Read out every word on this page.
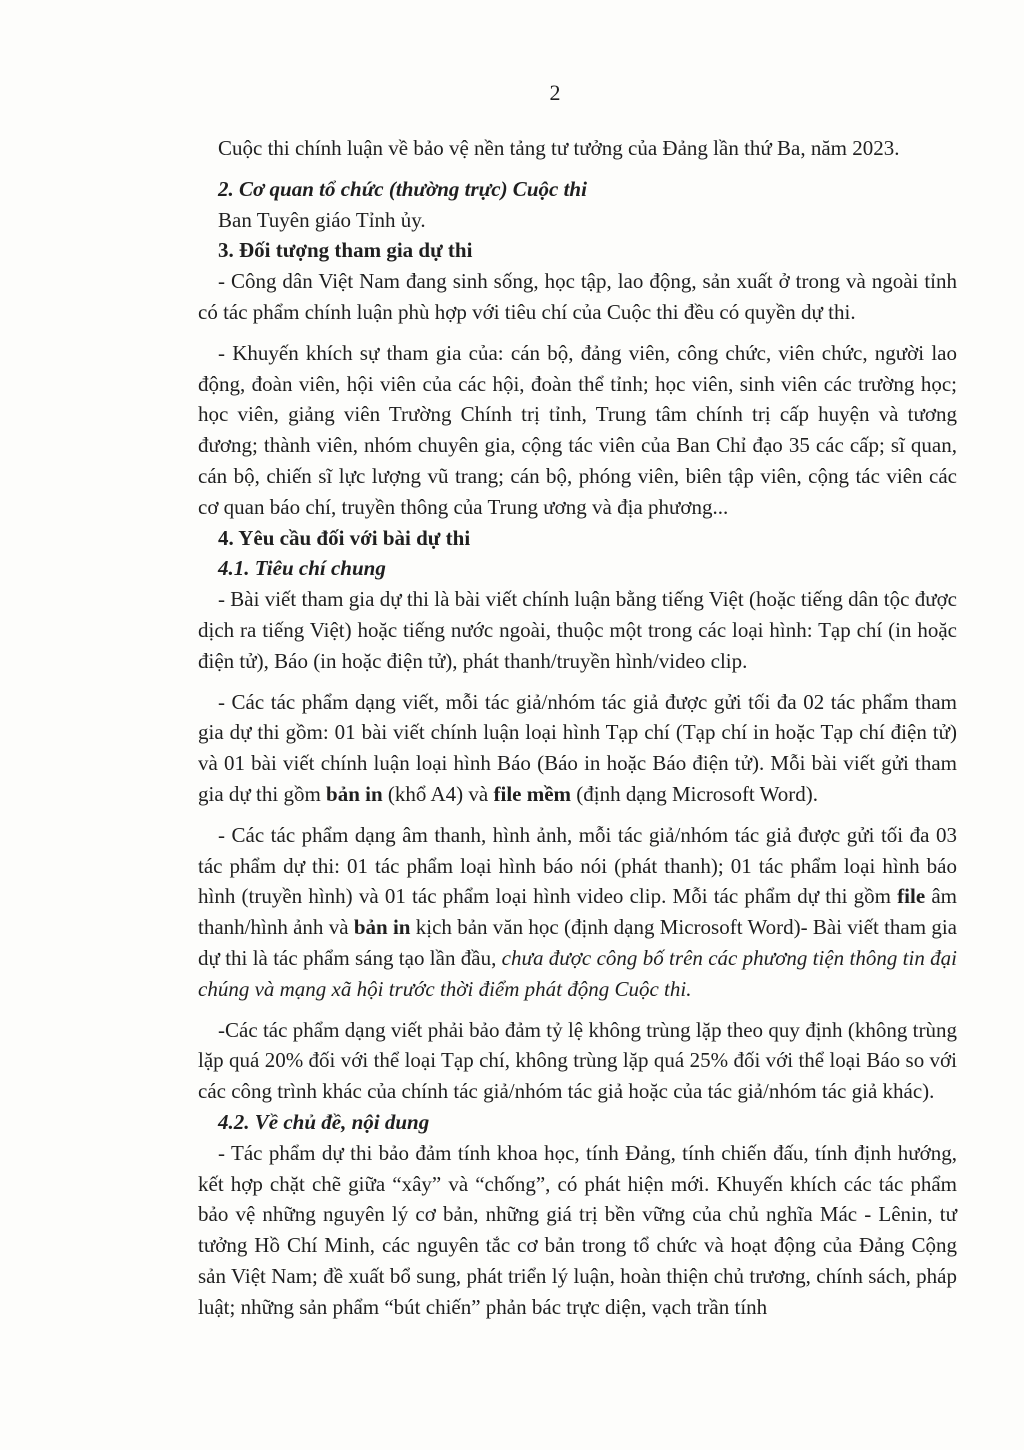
2

Cuộc thi chính luận về bảo vệ nền tảng tư tưởng của Đảng lần thứ Ba, năm 2023.

2. Cơ quan tổ chức (thường trực) Cuộc thi

Ban Tuyên giáo Tỉnh ủy.

3. Đối tượng tham gia dự thi

- Công dân Việt Nam đang sinh sống, học tập, lao động, sản xuất ở trong và ngoài tỉnh có tác phẩm chính luận phù hợp với tiêu chí của Cuộc thi đều có quyền dự thi.

- Khuyến khích sự tham gia của: cán bộ, đảng viên, công chức, viên chức, người lao động, đoàn viên, hội viên của các hội, đoàn thể tỉnh; học viên, sinh viên các trường học; học viên, giảng viên Trường Chính trị tỉnh, Trung tâm chính trị cấp huyện và tương đương; thành viên, nhóm chuyên gia, cộng tác viên của Ban Chỉ đạo 35 các cấp; sĩ quan, cán bộ, chiến sĩ lực lượng vũ trang; cán bộ, phóng viên, biên tập viên, cộng tác viên các cơ quan báo chí, truyền thông của Trung ương và địa phương...

4. Yêu cầu đối với bài dự thi

4.1. Tiêu chí chung

- Bài viết tham gia dự thi là bài viết chính luận bằng tiếng Việt (hoặc tiếng dân tộc được dịch ra tiếng Việt) hoặc tiếng nước ngoài, thuộc một trong các loại hình: Tạp chí (in hoặc điện tử), Báo (in hoặc điện tử), phát thanh/truyền hình/video clip.

- Các tác phẩm dạng viết, mỗi tác giả/nhóm tác giả được gửi tối đa 02 tác phẩm tham gia dự thi gồm: 01 bài viết chính luận loại hình Tạp chí (Tạp chí in hoặc Tạp chí điện tử) và 01 bài viết chính luận loại hình Báo (Báo in hoặc Báo điện tử). Mỗi bài viết gửi tham gia dự thi gồm bản in (khổ A4) và file mềm (định dạng Microsoft Word).

- Các tác phẩm dạng âm thanh, hình ảnh, mỗi tác giả/nhóm tác giả được gửi tối đa 03 tác phẩm dự thi: 01 tác phẩm loại hình báo nói (phát thanh); 01 tác phẩm loại hình báo hình (truyền hình) và 01 tác phẩm loại hình video clip. Mỗi tác phẩm dự thi gồm file âm thanh/hình ảnh và bản in kịch bản văn học (định dạng Microsoft Word)- Bài viết tham gia dự thi là tác phẩm sáng tạo lần đầu, chưa được công bố trên các phương tiện thông tin đại chúng và mạng xã hội trước thời điểm phát động Cuộc thi.

-Các tác phẩm dạng viết phải bảo đảm tỷ lệ không trùng lặp theo quy định (không trùng lặp quá 20% đối với thể loại Tạp chí, không trùng lặp quá 25% đối với thể loại Báo so với các công trình khác của chính tác giả/nhóm tác giả hoặc của tác giả/nhóm tác giả khác).

4.2. Về chủ đề, nội dung

- Tác phẩm dự thi bảo đảm tính khoa học, tính Đảng, tính chiến đấu, tính định hướng, kết hợp chặt chẽ giữa “xây” và “chống”, có phát hiện mới. Khuyến khích các tác phẩm bảo vệ những nguyên lý cơ bản, những giá trị bền vững của chủ nghĩa Mác - Lênin, tư tưởng Hồ Chí Minh, các nguyên tắc cơ bản trong tổ chức và hoạt động của Đảng Cộng sản Việt Nam; đề xuất bổ sung, phát triển lý luận, hoàn thiện chủ trương, chính sách, pháp luật; những sản phẩm “bút chiến” phản bác trực diện, vạch trần tính
